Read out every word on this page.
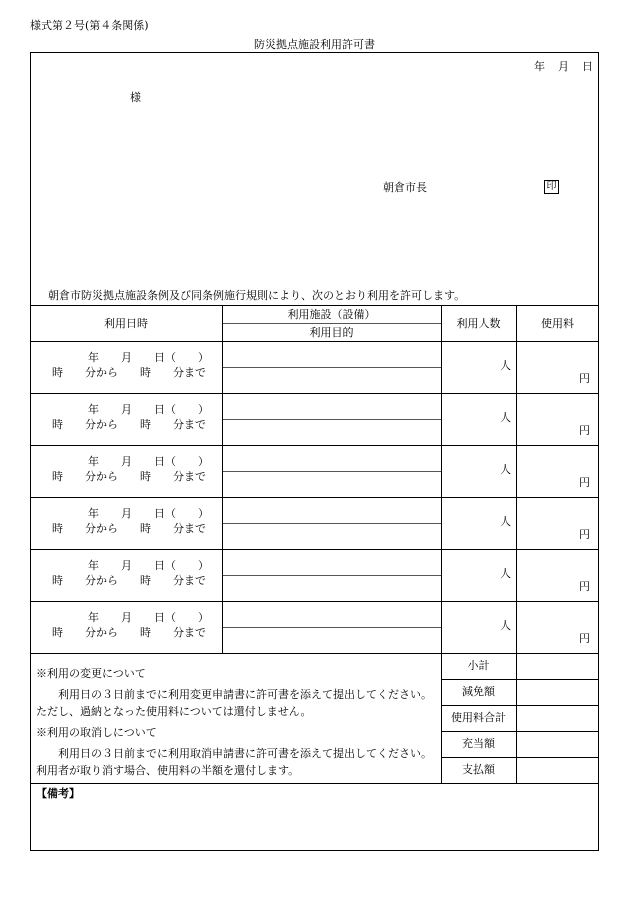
様式第２号(第４条関係)
防災拠点施設利用許可書
年　月　日
様
朝倉市長	印
朝倉市防災拠点施設条例及び同条例施行規則により、次のとおり利用を許可します。
利用日時
利用施設（設備）
利用目的
利用人数	使用料
年　　月　　日（　　）
時　　分から　　時　　分まで
人
円
年　　月　　日（　　）
時　　分から　　時　　分まで
人
円
年　　月　　日（　　）
時　　分から　　時　　分まで
人
円
年　　月　　日（　　）
時　　分から　　時　　分まで
人
円
年　　月　　日（　　）
時　　分から　　時　　分まで
人
円
年　　月　　日（　　）
時　　分から　　時　　分まで
人
円
※利用の変更について
利用日の３日前までに利用変更申請書に許可書を添えて提出してください。ただし、過納となった使用料については還付しません。
※利用の取消しについて
利用日の３日前までに利用取消申請書に許可書を添えて提出してください。利用者が取り消す場合、使用料の半額を還付します。
小計
減免額
使用料合計
充当額
支払額
【備考】
